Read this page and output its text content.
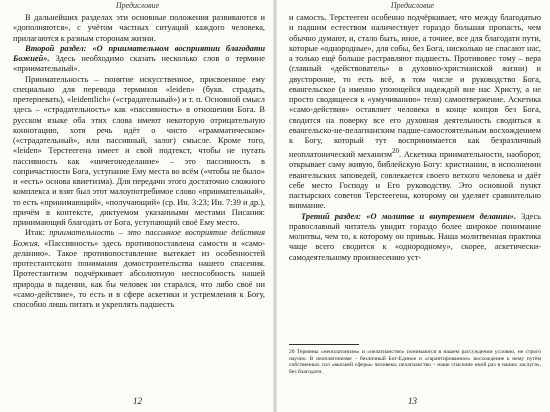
Предисловие

В дальнейших разделах эти основные положения развиваются и «дополняются», с учётом частных ситуаций каждого человека, прилагаются к разным сторонам жизни.

Второй раздел: «О приимательном восприятии благодати Божией». Здесь необходимо сказать несколько слов о термине «приимательный».

Приимательность – понятие искусственное, присвоенное ему специально для перевода терминов «leiden» (букв. страдать, претерпевать), «leidentlich» («страдательный») и т. п. Основной смысл здесь – «страдательность» как «пассивность» в отношении Бога. В русском языке оба этих слова имеют некоторую отрицательную коннотацию, хотя речь идёт о чисто «грамматическом» («страдательный», или пассивный, залог) смысле. Кроме того, «leiden» Терстеегена имеет и свой подтекст, чтобы не путать пассивность как «ничегонеделание» – это пассивность в сопричастности Бога, уступание Ему места во всём («чтобы не было» и «есть» основа квиетизма). Для передачи этого достаточно сложного комплекса и взят был этот малоупотребимое слово «приимательный», то есть «принимающий», «получающий» (ср. Ин. 3:23; Ин. 7:39 и др.), причём в контексте, диктуемом указанными местами Писания: принимающий благодать от Бога, уступающий своё Ему место.

Итак: приимательность – это пассивное восприятие действия Божия. «Пассивность» здесь противопоставлена самости и «само-деланию». Такое противопоставление вытекает из особенностей протестантского понимания домостроительства нашего спасения. Протестантизм подчёркивает абсолютную неспособность нашей природы в падении, как бы человек ни старался, что либо своё ни «само-действие», то есть и в сфере аскетики и устремления к Богу, способно лишь питать и укреплять падшесть

12
Предисловие

и самость. Терстееген особенно подчёркивает, что между благодатью и падшим естеством наличествует гораздо большая пропасть, чем обычно думают, и, стало быть, иное, а точнее, все для благодати пути, которые «однородные», для собы, без Бога, нисколько не спасают нас, а только ещё больше растравляют падшесть. Противовес тому – вера (главный «действователь» в духовно-христианской жизни) и двусторонне, то есть всё, в том числе и руководство Бога, евангельское (а именно упоющейся надеждой вне нас Христу, а не просто сводящееся к «умучиванию» тела) самоотвержение. Аскетика «само-действия» оставляет человека в конце концов без Бога, сводится на поверку все его духовная деятельность сводиться к евангельско-не-пелагианским падше-самостоятельным восхождением к Богу, который тут воспринимается как безразличный неоплатонический механизм$^{20}$. Аскетика приимательности, наоборот, открывает саму живую, библейскую Богу: христианин, в исполнении евангельских заповедей, совлекается своего ветхого человека и даёт себе место Господу и Его руководству. Это основной пункт пастырских советов Терстеегена, которому он уделяет сравнительно внимание.

Третий раздел: «О молитве и внутреннем делании». Здесь православный читатель увидит гораздо более широкое понимание молитвы, чем то, к которому он привык. Наша молитвенная практика чаще всего сводится к «однородному», скорее, аскетически-самодеятельному произнесению уст-

20 Термины «неоплатонизм» и «пелагианство» понимаются в нашем рассуждении условно, не строго научно. В неоплатонизме – безличный Бог-Единое и «гарантированное» восхождение к нему путём собственных сил «высшей сферы» человека; пелагианство – наше спасение иной раз в наших заслугах, без благодати.
13
